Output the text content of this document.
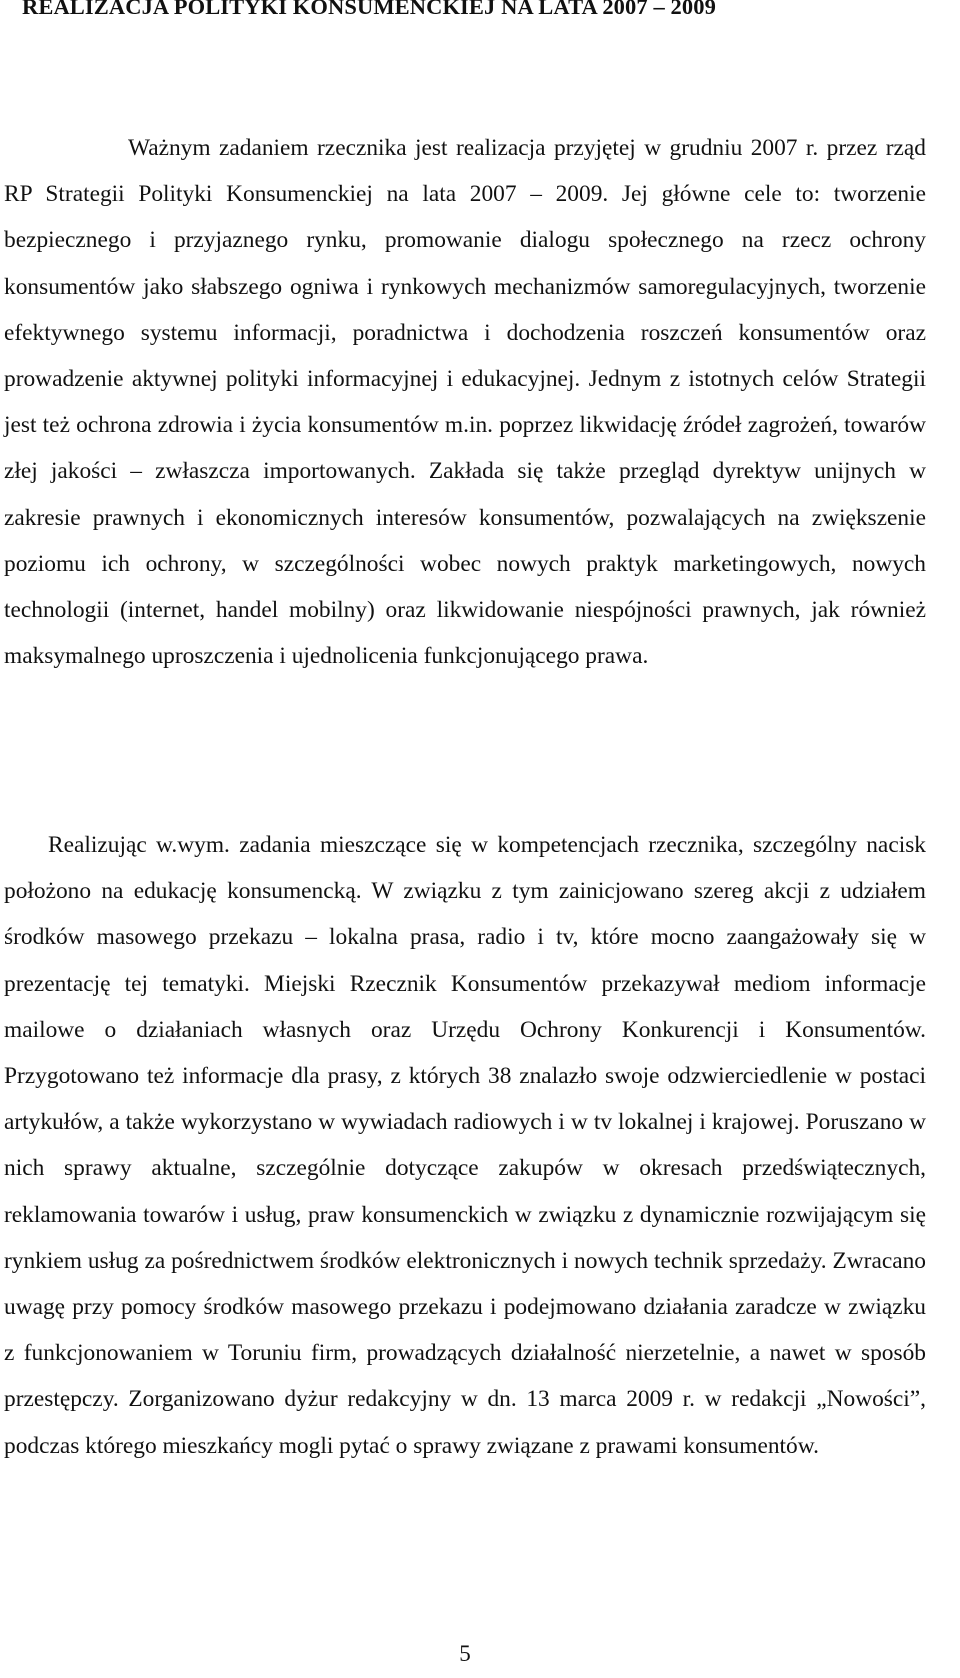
REALIZACJA POLITYKI KONSUMENCKIEJ NA LATA 2007 – 2009

Ważnym zadaniem rzecznika jest realizacja przyjętej w grudniu 2007 r. przez rząd RP Strategii Polityki Konsumenckiej na lata 2007 – 2009. Jej główne cele to: tworzenie bezpiecznego i przyjaznego rynku, promowanie dialogu społecznego na rzecz ochrony konsumentów jako słabszego ogniwa i rynkowych mechanizmów samoregulacyjnych, tworzenie efektywnego systemu informacji, poradnictwa i dochodzenia roszczeń konsumentów oraz prowadzenie aktywnej polityki informacyjnej i edukacyjnej. Jednym z istotnych celów Strategii jest też ochrona zdrowia i życia konsumentów m.in. poprzez likwidację źródeł zagrożeń, towarów złej jakości – zwłaszcza importowanych. Zakłada się także przegląd dyrektyw unijnych w zakresie prawnych i ekonomicznych interesów konsumentów, pozwalających na zwiększenie poziomu ich ochrony, w szczególności wobec nowych praktyk marketingowych, nowych technologii (internet, handel mobilny) oraz likwidowanie niespójności prawnych, jak również maksymalnego uproszczenia i ujednolicenia funkcjonującego prawa.

Realizując w.wym. zadania mieszczące się w kompetencjach rzecznika, szczególny nacisk położono na edukację konsumencką. W związku z tym zainicjowano szereg akcji z udziałem środków masowego przekazu – lokalna prasa, radio i tv, które mocno zaangażowały się w prezentację tej tematyki. Miejski Rzecznik Konsumentów przekazywał mediom informacje mailowe o działaniach własnych oraz Urzędu Ochrony Konkurencji i Konsumentów. Przygotowano też informacje dla prasy, z których 38 znalazło swoje odzwierciedlenie w postaci artykułów, a także wykorzystano w wywiadach radiowych i w tv lokalnej i krajowej. Poruszano w nich sprawy aktualne, szczególnie dotyczące zakupów w okresach przedświątecznych, reklamowania towarów i usług, praw konsumenckich w związku z dynamicznie rozwijającym się rynkiem usług za pośrednictwem środków elektronicznych i nowych technik sprzedaży. Zwracano uwagę przy pomocy środków masowego przekazu i podejmowano działania zaradcze w związku z funkcjonowaniem w Toruniu firm, prowadzących działalność nierzetelnie, a nawet w sposób przestępczy. Zorganizowano dyżur redakcyjny w dn. 13 marca 2009 r. w redakcji „Nowości”, podczas którego mieszkańcy mogli pytać o sprawy związane z prawami konsumentów.

5
